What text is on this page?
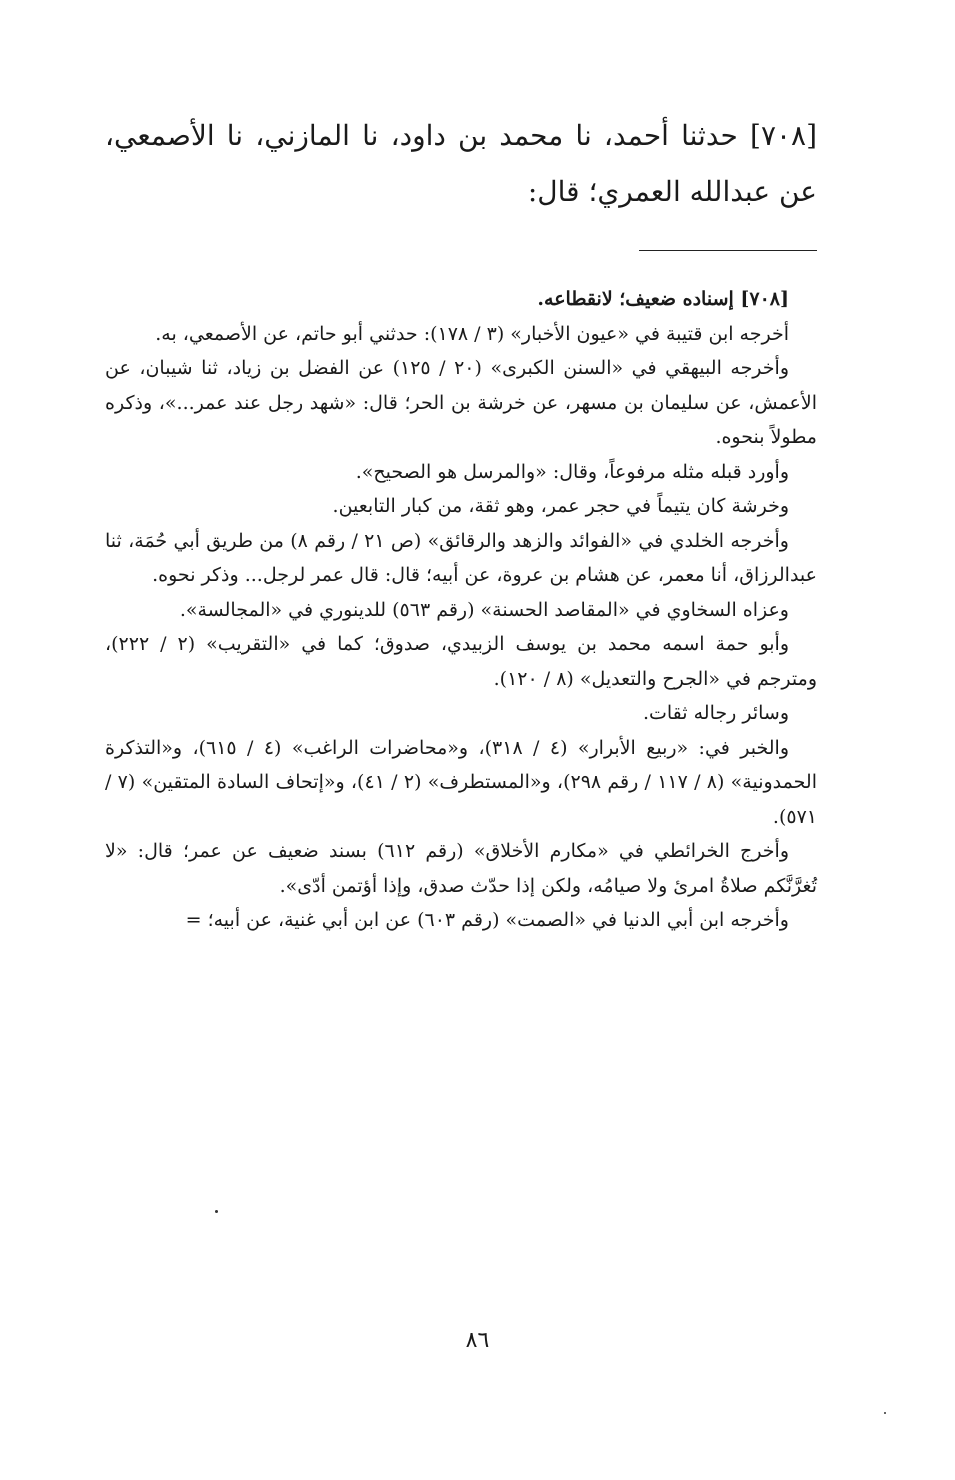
[٧٠٨] حدثنا أحمد، نا محمد بن داود، نا المازني، نا الأصمعي، عن عبدالله العمري؛ قال:

[٧٠٨] إسناده ضعيف؛ لانقطاعه.

أخرجه ابن قتيبة في «عيون الأخبار» (٣ / ١٧٨): حدثني أبو حاتم، عن الأصمعي، به.

وأخرجه البيهقي في «السنن الكبرى» (٢٠ / ١٢٥) عن الفضل بن زياد، ثنا شيبان، عن الأعمش، عن سليمان بن مسهر، عن خرشة بن الحر؛ قال: «شهد رجل عند عمر...»، وذكره مطولاً بنحوه.

وأورد قبله مثله مرفوعاً، وقال: «والمرسل هو الصحيح».

وخرشة كان يتيماً في حجر عمر، وهو ثقة، من كبار التابعين.

وأخرجه الخلدي في «الفوائد والزهد والرقائق» (ص ٢١ / رقم ٨) من طريق أبي حُمَة، ثنا عبدالرزاق، أنا معمر، عن هشام بن عروة، عن أبيه؛ قال: قال عمر لرجل... وذكر نحوه.

وعزاه السخاوي في «المقاصد الحسنة» (رقم ٥٦٣) للدينوري في «المجالسة».

وأبو حمة اسمه محمد بن يوسف الزبيدي، صدوق؛ كما في «التقريب» (٢ / ٢٢٢)، ومترجم في «الجرح والتعديل» (٨ / ١٢٠).

وسائر رجاله ثقات.

والخبر في: «ربيع الأبرار» (٤ / ٣١٨)، و«محاضرات الراغب» (٤ / ٦١٥)، و«التذكرة الحمدونية» (٨ / ١١٧ / رقم ٢٩٨)، و«المستطرف» (٢ / ٤١)، و«إتحاف السادة المتقين» (٧ / ٥٧١).

وأخرج الخرائطي في «مكارم الأخلاق» (رقم ٦١٢) بسند ضعيف عن عمر؛ قال: «لا تُغرَّنَّكم صلاةُ امرئ ولا صيامُه، ولكن إذا حدّث صدق، وإذا أؤتمن أدّى».

وأخرجه ابن أبي الدنيا في «الصمت» (رقم ٦٠٣) عن ابن أبي غنية، عن أبيه؛ =

٨٦
